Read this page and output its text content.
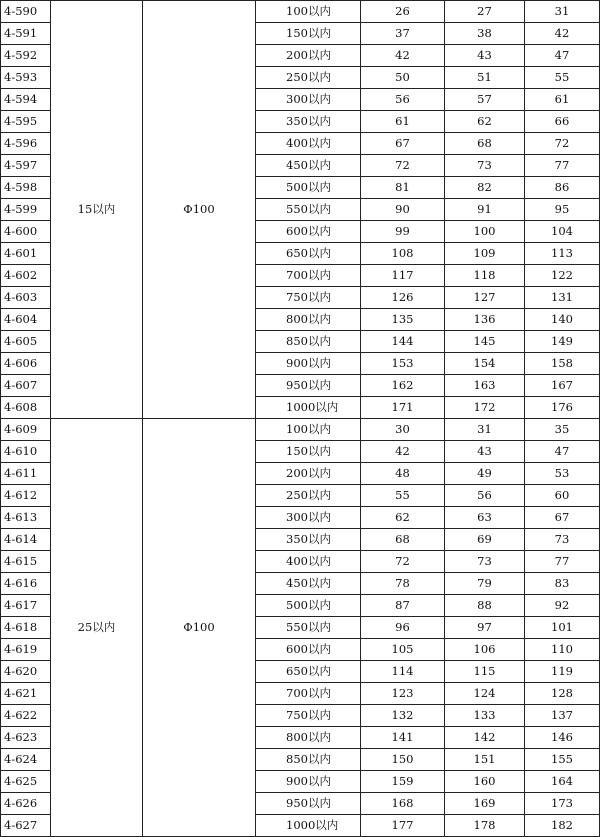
4-590	15以内	Φ100	100以内	26	27	31
4-591			150以内	37	38	42
4-592			200以内	42	43	47
4-593			250以内	50	51	55
4-594			300以内	56	57	61
4-595			350以内	61	62	66
4-596			400以内	67	68	72
4-597			450以内	72	73	77
4-598			500以内	81	82	86
4-599			550以内	90	91	95
4-600			600以内	99	100	104
4-601			650以内	108	109	113
4-602			700以内	117	118	122
4-603			750以内	126	127	131
4-604			800以内	135	136	140
4-605			850以内	144	145	149
4-606			900以内	153	154	158
4-607			950以内	162	163	167
4-608			1000以内	171	172	176
4-609	25以内	Φ100	100以内	30	31	35
4-610			150以内	42	43	47
4-611			200以内	48	49	53
4-612			250以内	55	56	60
4-613			300以内	62	63	67
4-614			350以内	68	69	73
4-615			400以内	72	73	77
4-616			450以内	78	79	83
4-617			500以内	87	88	92
4-618			550以内	96	97	101
4-619			600以内	105	106	110
4-620			650以内	114	115	119
4-621			700以内	123	124	128
4-622			750以内	132	133	137
4-623			800以内	141	142	146
4-624			850以内	150	151	155
4-625			900以内	159	160	164
4-626			950以内	168	169	173
4-627			1000以内	177	178	182
